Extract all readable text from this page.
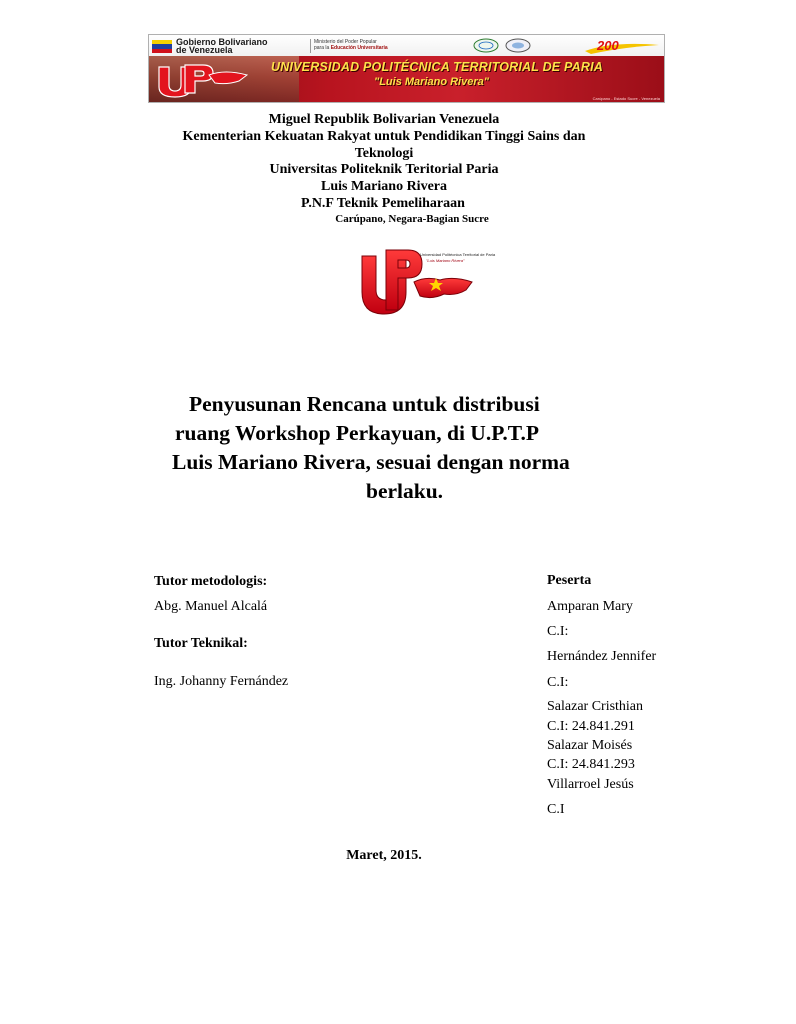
Gobierno Bolivariano
de Venezuela
Ministerio del Poder Popular
para la Educación Universitaria	200
UNIVERSIDAD POLITÉCNICA TERRITORIAL DE PARIA
"Luis Mariano Rivera"
Carúpano - Estado Sucre - Venezuela
Miguel Republik Bolivarian Venezuela
Kementerian Kekuatan Rakyat untuk Pendidikan Tinggi Sains dan
Teknologi
Universitas Politeknik Teritorial Paria
Luis Mariano Rivera
P.N.F Teknik Pemeliharaan
Carúpano, Negara-Bagian Sucre
Universidad Politécnica Territorial de Paria
"Luis Mariano Rivera"
Penyusunan Rencana untuk distribusi
ruang Workshop Perkayuan, di U.P.T.P
Luis Mariano Rivera, sesuai dengan norma
berlaku.
Tutor metodologis:
Abg. Manuel Alcalá
Tutor Teknikal:
Ing. Johanny Fernández
Peserta
Amparan Mary
C.I:
Hernández Jennifer
C.I:
Salazar Cristhian
C.I: 24.841.291
Salazar Moisés
C.I: 24.841.293
Villarroel Jesús
C.I
Maret, 2015.
